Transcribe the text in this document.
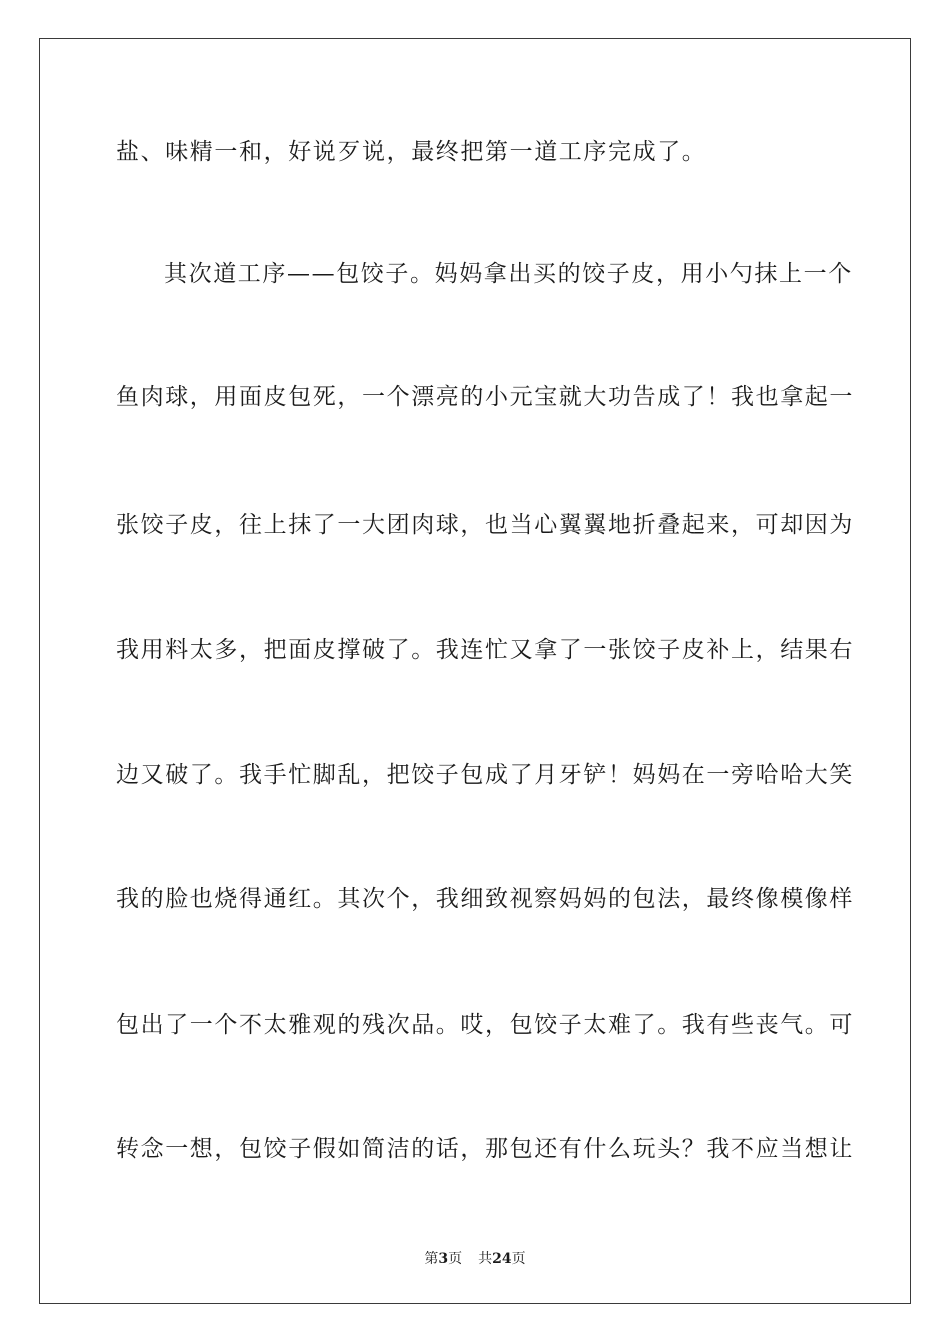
盐、味精一和，好说歹说，最终把第一道工序完成了。
其次道工序——包饺子。妈妈拿出买的饺子皮，用小勺抹上一个
鱼肉球，用面皮包死，一个漂亮的小元宝就大功告成了！我也拿起一
张饺子皮，往上抹了一大团肉球，也当心翼翼地折叠起来，可却因为
我用料太多，把面皮撑破了。我连忙又拿了一张饺子皮补上，结果右
边又破了。我手忙脚乱，把饺子包成了月牙铲！妈妈在一旁哈哈大笑
我的脸也烧得通红。其次个，我细致视察妈妈的包法，最终像模像样
包出了一个不太雅观的残次品。哎，包饺子太难了。我有些丧气。可
转念一想，包饺子假如简洁的话，那包还有什么玩头？我不应当想让
第3页 共24页
